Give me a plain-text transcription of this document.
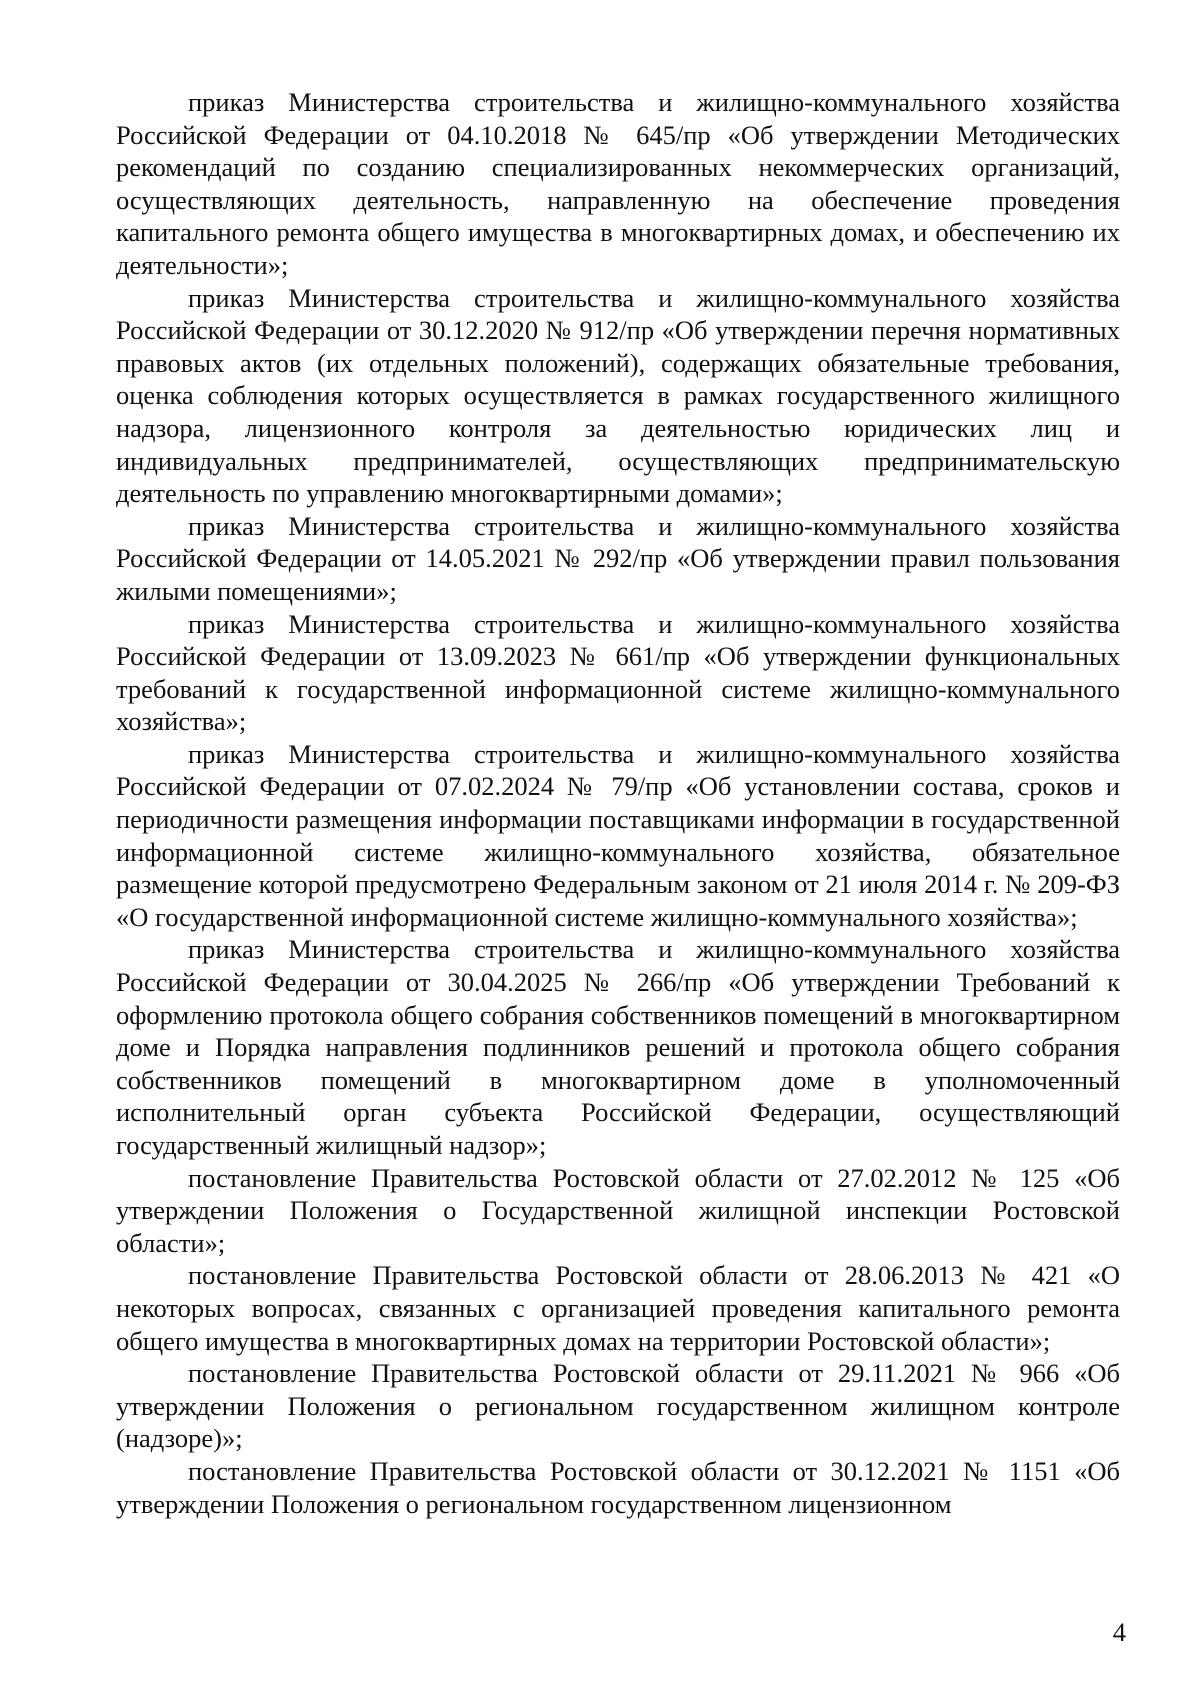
приказ Министерства строительства и жилищно-коммунального хозяйства Российской Федерации от 04.10.2018 № 645/пр «Об утверждении Методических рекомендаций по созданию специализированных некоммерческих организаций, осуществляющих деятельность, направленную на обеспечение проведения капитального ремонта общего имущества в многоквартирных домах, и обеспечению их деятельности»;

приказ Министерства строительства и жилищно-коммунального хозяйства Российской Федерации от 30.12.2020 № 912/пр «Об утверждении перечня нормативных правовых актов (их отдельных положений), содержащих обязательные требования, оценка соблюдения которых осуществляется в рамках государственного жилищного надзора, лицензионного контроля за деятельностью юридических лиц и индивидуальных предпринимателей, осуществляющих предпринимательскую деятельность по управлению многоквартирными домами»;

приказ Министерства строительства и жилищно-коммунального хозяйства Российской Федерации от 14.05.2021 № 292/пр «Об утверждении правил пользования жилыми помещениями»;

приказ Министерства строительства и жилищно-коммунального хозяйства Российской Федерации от 13.09.2023 № 661/пр «Об утверждении функциональных требований к государственной информационной системе жилищно-коммунального хозяйства»;

приказ Министерства строительства и жилищно-коммунального хозяйства Российской Федерации от 07.02.2024 № 79/пр «Об установлении состава, сроков и периодичности размещения информации поставщиками информации в государственной информационной системе жилищно-коммунального хозяйства, обязательное размещение которой предусмотрено Федеральным законом от 21 июля 2014 г. № 209-ФЗ «О государственной информационной системе жилищно-коммунального хозяйства»;

приказ Министерства строительства и жилищно-коммунального хозяйства Российской Федерации от 30.04.2025 № 266/пр «Об утверждении Требований к оформлению протокола общего собрания собственников помещений в многоквартирном доме и Порядка направления подлинников решений и протокола общего собрания собственников помещений в многоквартирном доме в уполномоченный исполнительный орган субъекта Российской Федерации, осуществляющий государственный жилищный надзор»;

постановление Правительства Ростовской области от 27.02.2012 № 125 «Об утверждении Положения о Государственной жилищной инспекции Ростовской области»;

постановление Правительства Ростовской области от 28.06.2013 № 421 «О некоторых вопросах, связанных с организацией проведения капитального ремонта общего имущества в многоквартирных домах на территории Ростовской области»;

постановление Правительства Ростовской области от 29.11.2021 № 966 «Об утверждении Положения о региональном государственном жилищном контроле (надзоре)»;

постановление Правительства Ростовской области от 30.12.2021 № 1151 «Об утверждении Положения о региональном государственном лицензионном

4
